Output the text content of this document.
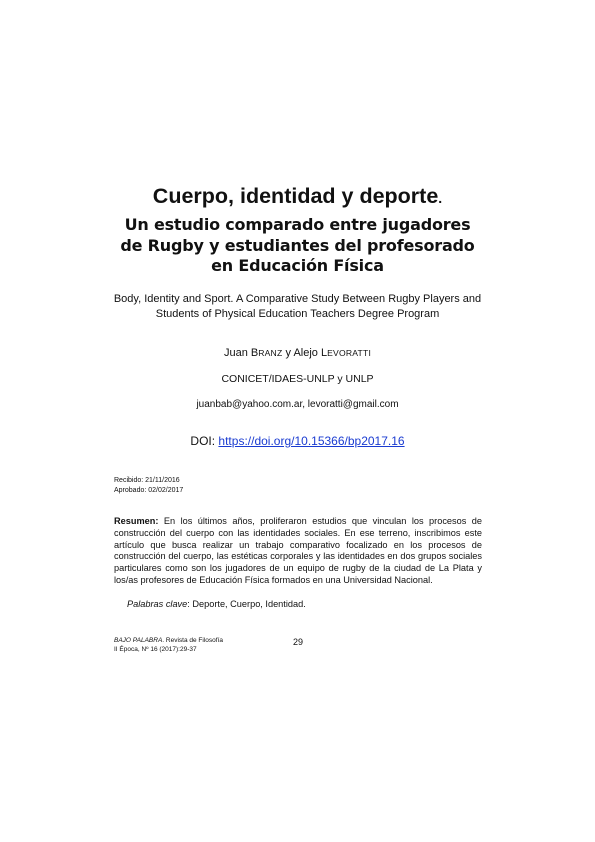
Cuerpo, identidad y deporte.
Un estudio comparado entre jugadores de Rugby y estudiantes del profesorado en Educación Física
Body, Identity and Sport. A Comparative Study Between Rugby Players and Students of Physical Education Teachers Degree Program
Juan BRANZ y Alejo LEVORATTI
CONICET/IDAES-UNLP y UNLP
juanbab@yahoo.com.ar, levoratti@gmail.com
DOI: https://doi.org/10.15366/bp2017.16
Recibido: 21/11/2016
Aprobado: 02/02/2017
Resumen: En los últimos años, proliferaron estudios que vinculan los procesos de construcción del cuerpo con las identidades sociales. En ese terreno, inscribimos este artículo que busca realizar un trabajo comparativo focalizado en los procesos de construcción del cuerpo, las estéticas corporales y las identidades en dos grupos sociales particulares como son los jugadores de un equipo de rugby de la ciudad de La Plata y los/as profesores de Educación Física formados en una Universidad Nacional.
Palabras clave: Deporte, Cuerpo, Identidad.
BAJO PALABRA. Revista de Filosofía
II Época, Nº 16 (2017):29-37
29
